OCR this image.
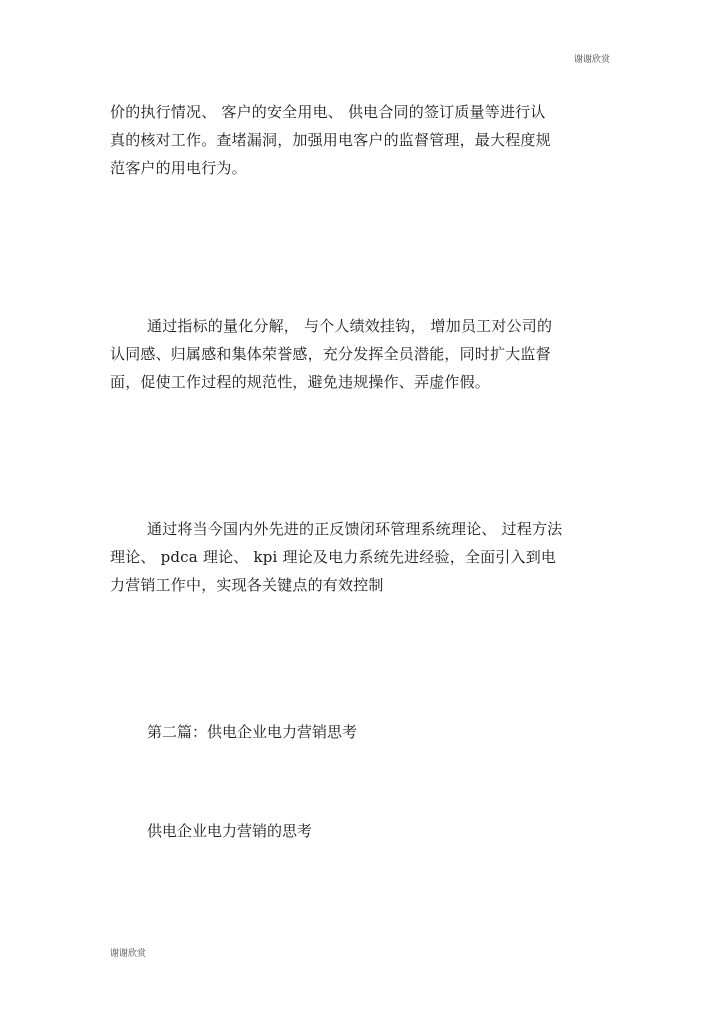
谢谢欣赏
价的执行情况、 客户的安全用电、 供电合同的签订质量等进行认
真的核对工作。查堵漏洞，加强用电客户的监督管理，最大程度规
范客户的用电行为。
通过指标的量化分解， 与个人绩效挂钩， 增加员工对公司的
认同感、归属感和集体荣誉感，充分发挥全员潜能，同时扩大监督
面，促使工作过程的规范性，避免违规操作、弄虚作假。
通过将当今国内外先进的正反馈闭环管理系统理论、 过程方法
理论、 pdca 理论、 kpi 理论及电力系统先进经验，全面引入到电
力营销工作中，实现各关键点的有效控制
第二篇：供电企业电力营销思考
供电企业电力营销的思考
谢谢欣赏
